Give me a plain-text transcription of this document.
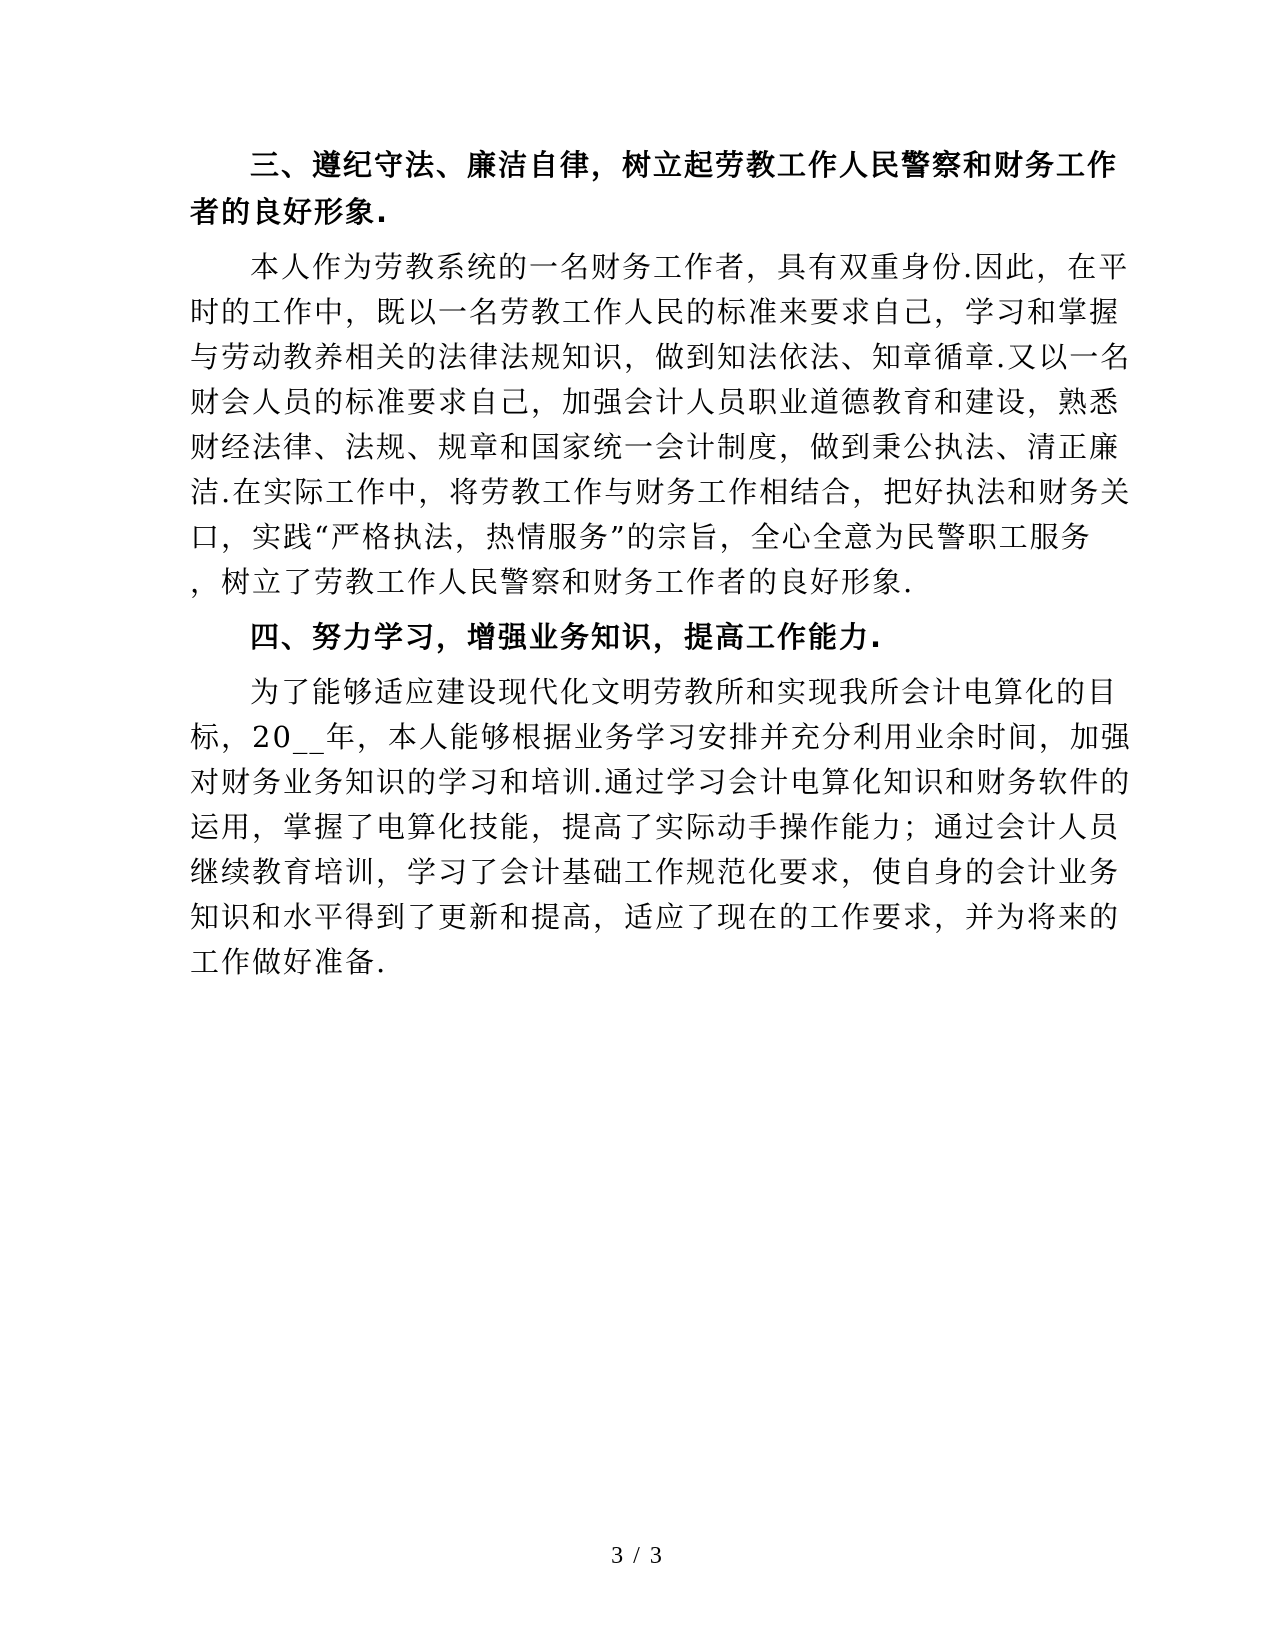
三、遵纪守法、廉洁自律，树立起劳教工作人民警察和财务工作
者的良好形象.
本人作为劳教系统的一名财务工作者，具有双重身份.因此，在平
时的工作中，既以一名劳教工作人民的标准来要求自己，学习和掌握
与劳动教养相关的法律法规知识，做到知法依法、知章循章.又以一名
财会人员的标准要求自己，加强会计人员职业道德教育和建设，熟悉
财经法律、法规、规章和国家统一会计制度，做到秉公执法、清正廉
洁.在实际工作中，将劳教工作与财务工作相结合，把好执法和财务关
口，实践“严格执法，热情服务”的宗旨，全心全意为民警职工服务
，树立了劳教工作人民警察和财务工作者的良好形象.
四、努力学习，增强业务知识，提高工作能力.
为了能够适应建设现代化文明劳教所和实现我所会计电算化的目
标，20__年，本人能够根据业务学习安排并充分利用业余时间，加强
对财务业务知识的学习和培训.通过学习会计电算化知识和财务软件的
运用，掌握了电算化技能，提高了实际动手操作能力；通过会计人员
继续教育培训，学习了会计基础工作规范化要求，使自身的会计业务
知识和水平得到了更新和提高，适应了现在的工作要求，并为将来的
工作做好准备.
3 / 3
